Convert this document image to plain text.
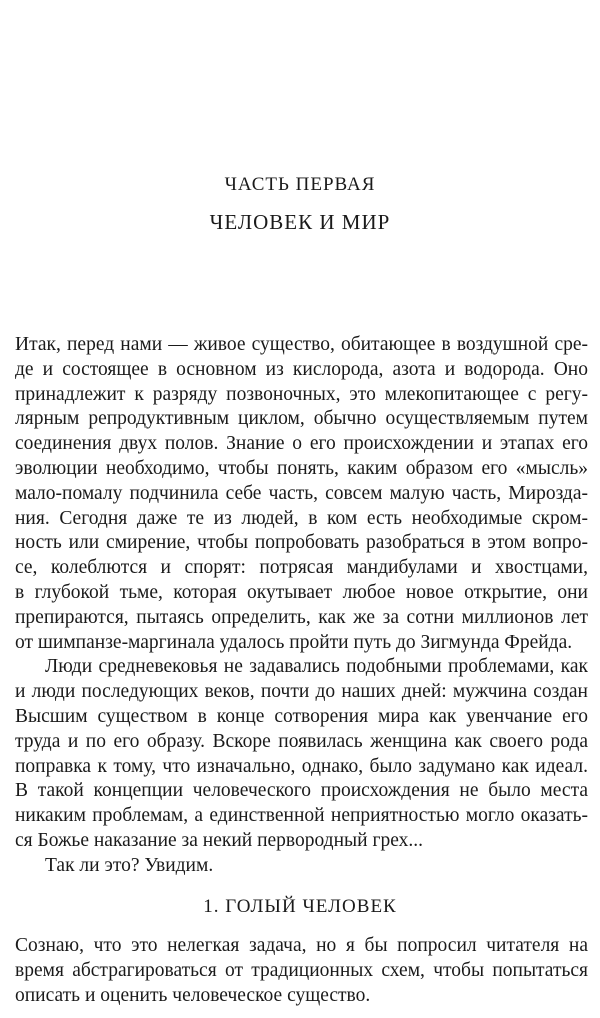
ЧАСТЬ ПЕРВАЯ
ЧЕЛОВЕК И МИР
Итак, перед нами — живое существо, обитающее в воздушной сре-
де и состоящее в основном из кислорода, азота и водорода. Оно
принадлежит к разряду позвоночных, это млекопитающее с регу-
лярным репродуктивным циклом, обычно осуществляемым путем
соединения двух полов. Знание о его происхождении и этапах его
эволюции необходимо, чтобы понять, каким образом его «мысль»
мало-помалу подчинила себе часть, совсем малую часть, Мирозда-
ния. Сегодня даже те из людей, в ком есть необходимые скром-
ность или смирение, чтобы попробовать разобраться в этом вопро-
се, колеблются и спорят: потрясая мандибулами и хвостцами,
в глубокой тьме, которая окутывает любое новое открытие, они
препираются, пытаясь определить, как же за сотни миллионов лет
от шимпанзе-маргинала удалось пройти путь до Зигмунда Фрейда.
Люди средневековья не задавались подобными проблемами, как
и люди последующих веков, почти до наших дней: мужчина создан
Высшим существом в конце сотворения мира как увенчание его
труда и по его образу. Вскоре появилась женщина как своего рода
поправка к тому, что изначально, однако, было задумано как идеал.
В такой концепции человеческого происхождения не было места
никаким проблемам, а единственной неприятностью могло оказать-
ся Божье наказание за некий первородный грех...
Так ли это? Увидим.
1. ГОЛЫЙ ЧЕЛОВЕК
Сознаю, что это нелегкая задача, но я бы попросил читателя на
время абстрагироваться от традиционных схем, чтобы попытаться
описать и оценить человеческое существо.
